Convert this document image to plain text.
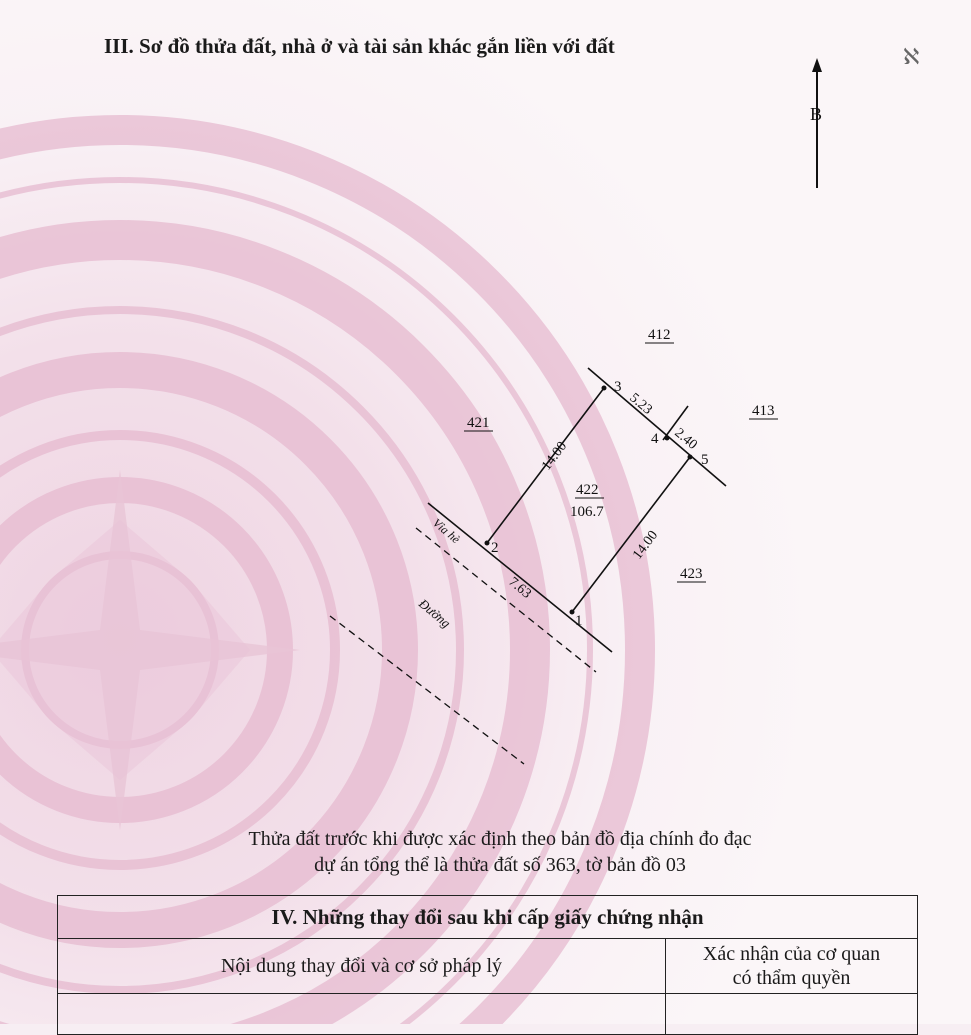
III. Sơ đồ thửa đất, nhà ở và tài sản khác gắn liền với đất	ℵ
B
1
2
3
4
5
5.23
2.40
14.00
14.00
7.63
422
106.7
412
413
421
423
Vỉa hè
Đường
Thửa đất trước khi được xác định theo bản đồ địa chính đo đạc
dự án tổng thể là thửa đất số 363, tờ bản đồ 03
IV. Những thay đổi sau khi cấp giấy chứng nhận	
Nội dung thay đổi và cơ sở pháp lý	Xác nhận của cơ quan
có thẩm quyền
